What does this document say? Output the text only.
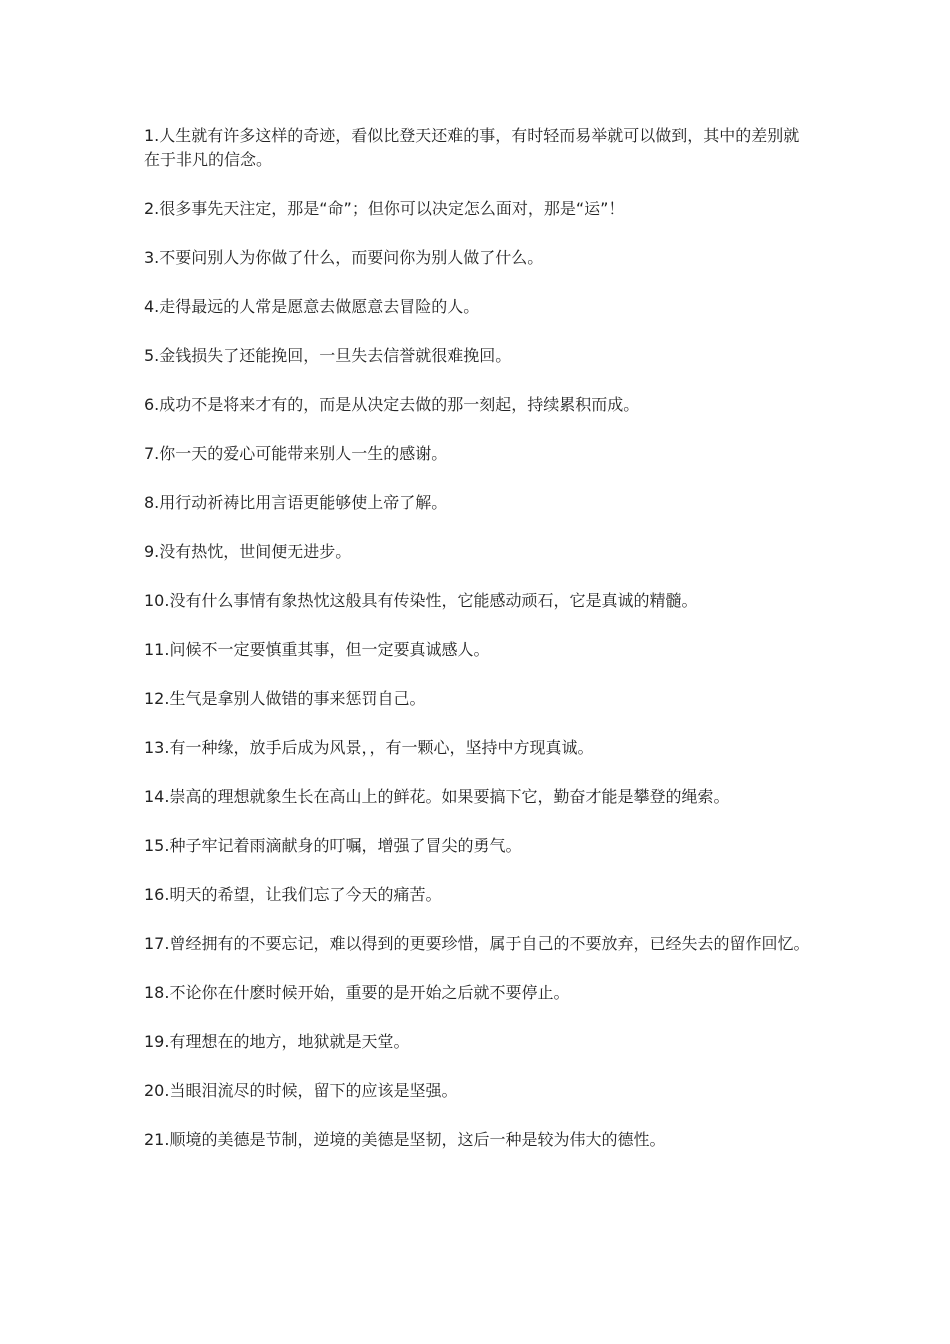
1.人生就有许多这样的奇迹，看似比登天还难的事，有时轻而易举就可以做到，其中的差别就在于非凡的信念。

2.很多事先天注定，那是“命”；但你可以决定怎么面对，那是“运”！

3.不要问别人为你做了什么，而要问你为别人做了什么。

4.走得最远的人常是愿意去做愿意去冒险的人。

5.金钱损失了还能挽回，一旦失去信誉就很难挽回。

6.成功不是将来才有的，而是从决定去做的那一刻起，持续累积而成。

7.你一天的爱心可能带来别人一生的感谢。

8.用行动祈祷比用言语更能够使上帝了解。

9.没有热忱，世间便无进步。

10.没有什么事情有象热忱这般具有传染性，它能感动顽石，它是真诚的精髓。

11.问候不一定要慎重其事，但一定要真诚感人。

12.生气是拿别人做错的事来惩罚自己。

13.有一种缘，放手后成为风景，，有一颗心，坚持中方现真诚。

14.崇高的理想就象生长在高山上的鲜花。如果要搞下它，勤奋才能是攀登的绳索。

15.种子牢记着雨滴献身的叮嘱，增强了冒尖的勇气。

16.明天的希望，让我们忘了今天的痛苦。

17.曾经拥有的不要忘记，难以得到的更要珍惜，属于自己的不要放弃，已经失去的留作回忆。

18.不论你在什麽时候开始，重要的是开始之后就不要停止。

19.有理想在的地方，地狱就是天堂。

20.当眼泪流尽的时候，留下的应该是坚强。

21.顺境的美德是节制，逆境的美德是坚韧，这后一种是较为伟大的德性。
